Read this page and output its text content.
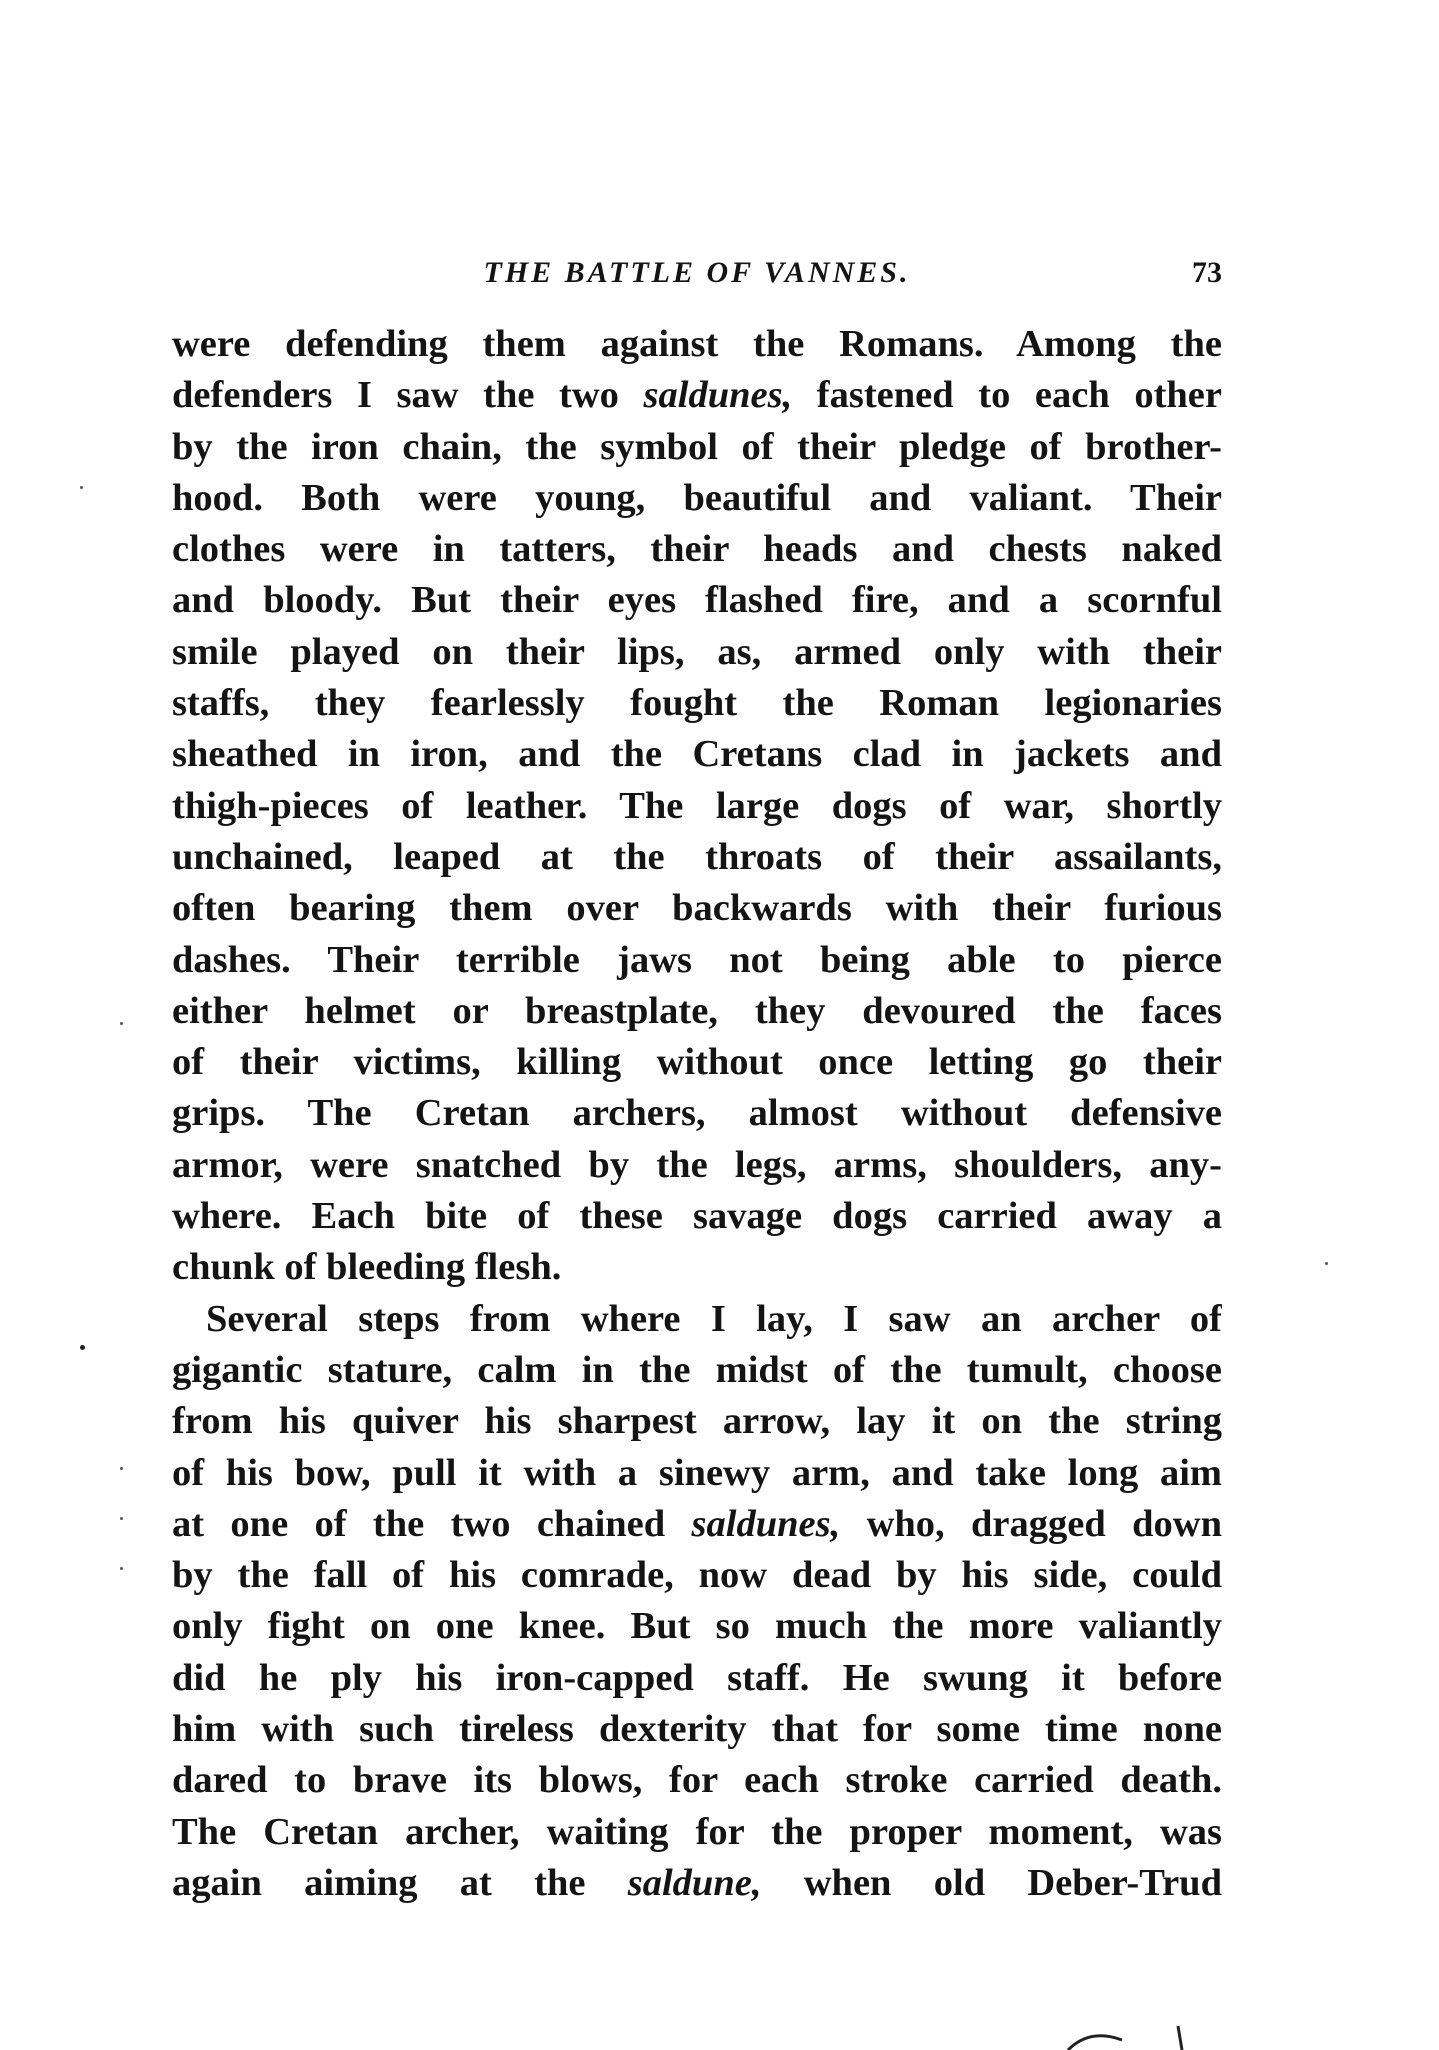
THE BATTLE OF VANNES.	73
were defending them against the Romans. Among the
defenders I saw the two saldunes, fastened to each other
by the iron chain, the symbol of their pledge of brother-
hood. Both were young, beautiful and valiant. Their
clothes were in tatters, their heads and chests naked
and bloody. But their eyes flashed fire, and a scornful
smile played on their lips, as, armed only with their
staffs, they fearlessly fought the Roman legionaries
sheathed in iron, and the Cretans clad in jackets and
thigh-pieces of leather. The large dogs of war, shortly
unchained, leaped at the throats of their assailants,
often bearing them over backwards with their furious
dashes. Their terrible jaws not being able to pierce
either helmet or breastplate, they devoured the faces
of their victims, killing without once letting go their
grips. The Cretan archers, almost without defensive
armor, were snatched by the legs, arms, shoulders, any-
where. Each bite of these savage dogs carried away a
chunk of bleeding flesh.
Several steps from where I lay, I saw an archer of
gigantic stature, calm in the midst of the tumult, choose
from his quiver his sharpest arrow, lay it on the string
of his bow, pull it with a sinewy arm, and take long aim
at one of the two chained saldunes, who, dragged down
by the fall of his comrade, now dead by his side, could
only fight on one knee. But so much the more valiantly
did he ply his iron-capped staff. He swung it before
him with such tireless dexterity that for some time none
dared to brave its blows, for each stroke carried death.
The Cretan archer, waiting for the proper moment, was
again aiming at the saldune, when old Deber-Trud
